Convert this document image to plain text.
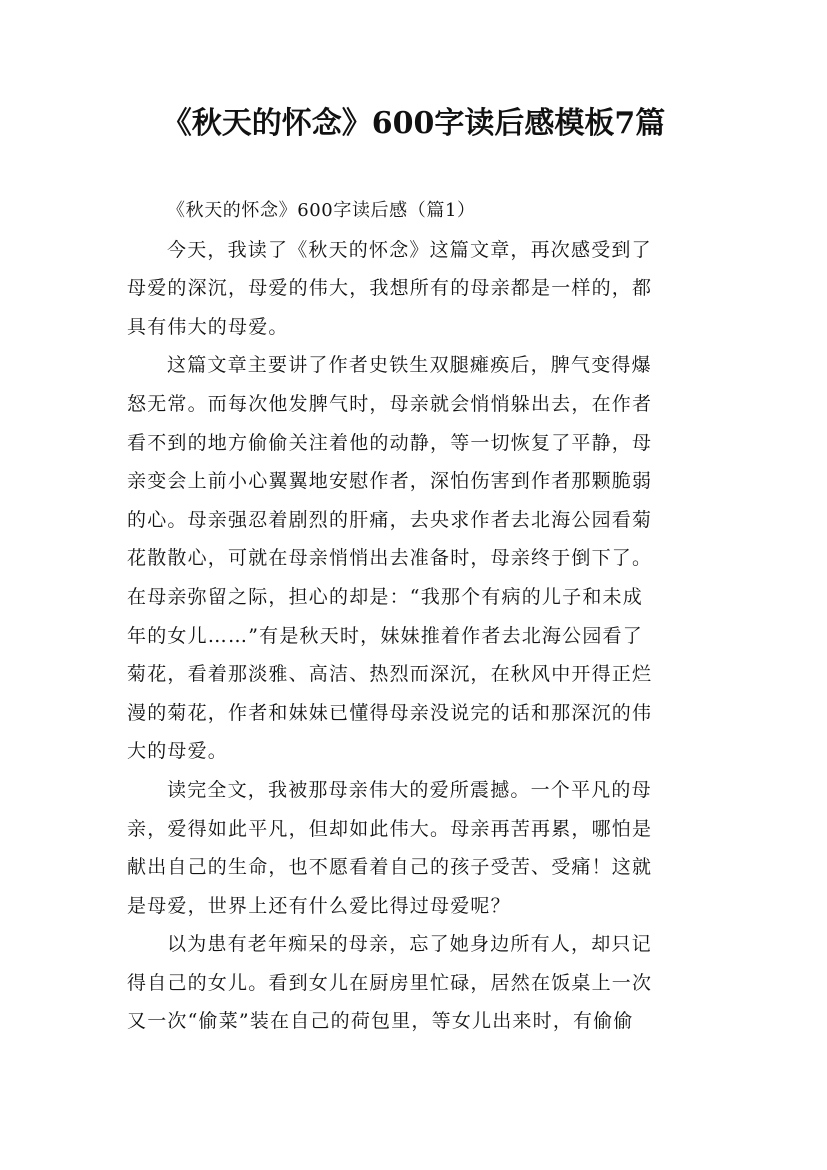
《秋天的怀念》600字读后感模板7篇
《秋天的怀念》600字读后感（篇1）
今天，我读了《秋天的怀念》这篇文章，再次感受到了
母爱的深沉，母爱的伟大，我想所有的母亲都是一样的，都
具有伟大的母爱。
这篇文章主要讲了作者史铁生双腿瘫痪后，脾气变得爆
怒无常。而每次他发脾气时，母亲就会悄悄躲出去，在作者
看不到的地方偷偷关注着他的动静，等一切恢复了平静，母
亲变会上前小心翼翼地安慰作者，深怕伤害到作者那颗脆弱
的心。母亲强忍着剧烈的肝痛，去央求作者去北海公园看菊
花散散心，可就在母亲悄悄出去准备时，母亲终于倒下了。
在母亲弥留之际，担心的却是：“我那个有病的儿子和未成
年的女儿……”有是秋天时，妹妹推着作者去北海公园看了
菊花，看着那淡雅、高洁、热烈而深沉，在秋风中开得正烂
漫的菊花，作者和妹妹已懂得母亲没说完的话和那深沉的伟
大的母爱。
读完全文，我被那母亲伟大的爱所震撼。一个平凡的母
亲，爱得如此平凡，但却如此伟大。母亲再苦再累，哪怕是
献出自己的生命，也不愿看着自己的孩子受苦、受痛！这就
是母爱，世界上还有什么爱比得过母爱呢？
以为患有老年痴呆的母亲，忘了她身边所有人，却只记
得自己的女儿。看到女儿在厨房里忙碌，居然在饭桌上一次
又一次“偷菜”装在自己的荷包里，等女儿出来时，有偷偷
